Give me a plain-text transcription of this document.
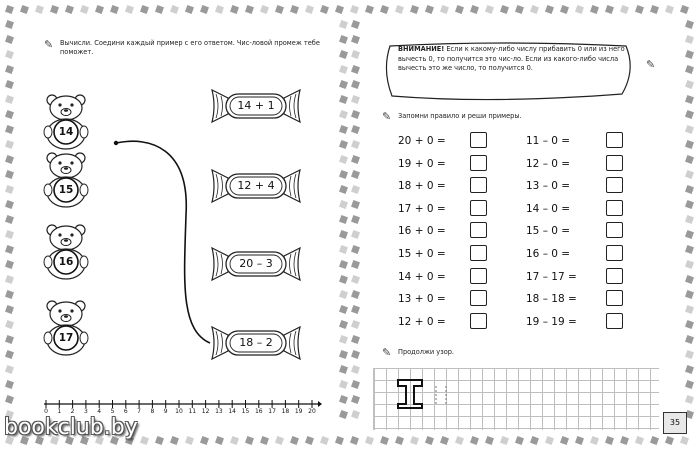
✎ Вычисли. Соедини каждый пример с его ответом. Чис-ловой промеж тебе поможет.
14
15
16
17
14 + 1
12 + 4
20 – 3
18 – 2
0	1	2	3	4	5	6	7	8	9	10 11 12 13 14 15 16 17 18 19 20
ВНИМАНИЕ! Если к какому-либо числу прибавить 0 или из него вычесть 0, то получится это чис-ло. Если из какого-либо числа вычесть это же число, то получится 0.	✎
✎ Запомни правило и реши примеры.
20 + 0 =	11 – 0 =
19 + 0 =	12 – 0 =
18 + 0 =	13 – 0 =
17 + 0 =	14 – 0 =
16 + 0 =	15 – 0 =
15 + 0 =	16 – 0 =
14 + 0 =	17 – 17 =
13 + 0 =	18 – 18 =
12 + 0 =	19 – 19 =
✎ Продолжи узор.
35
bookclub.by
